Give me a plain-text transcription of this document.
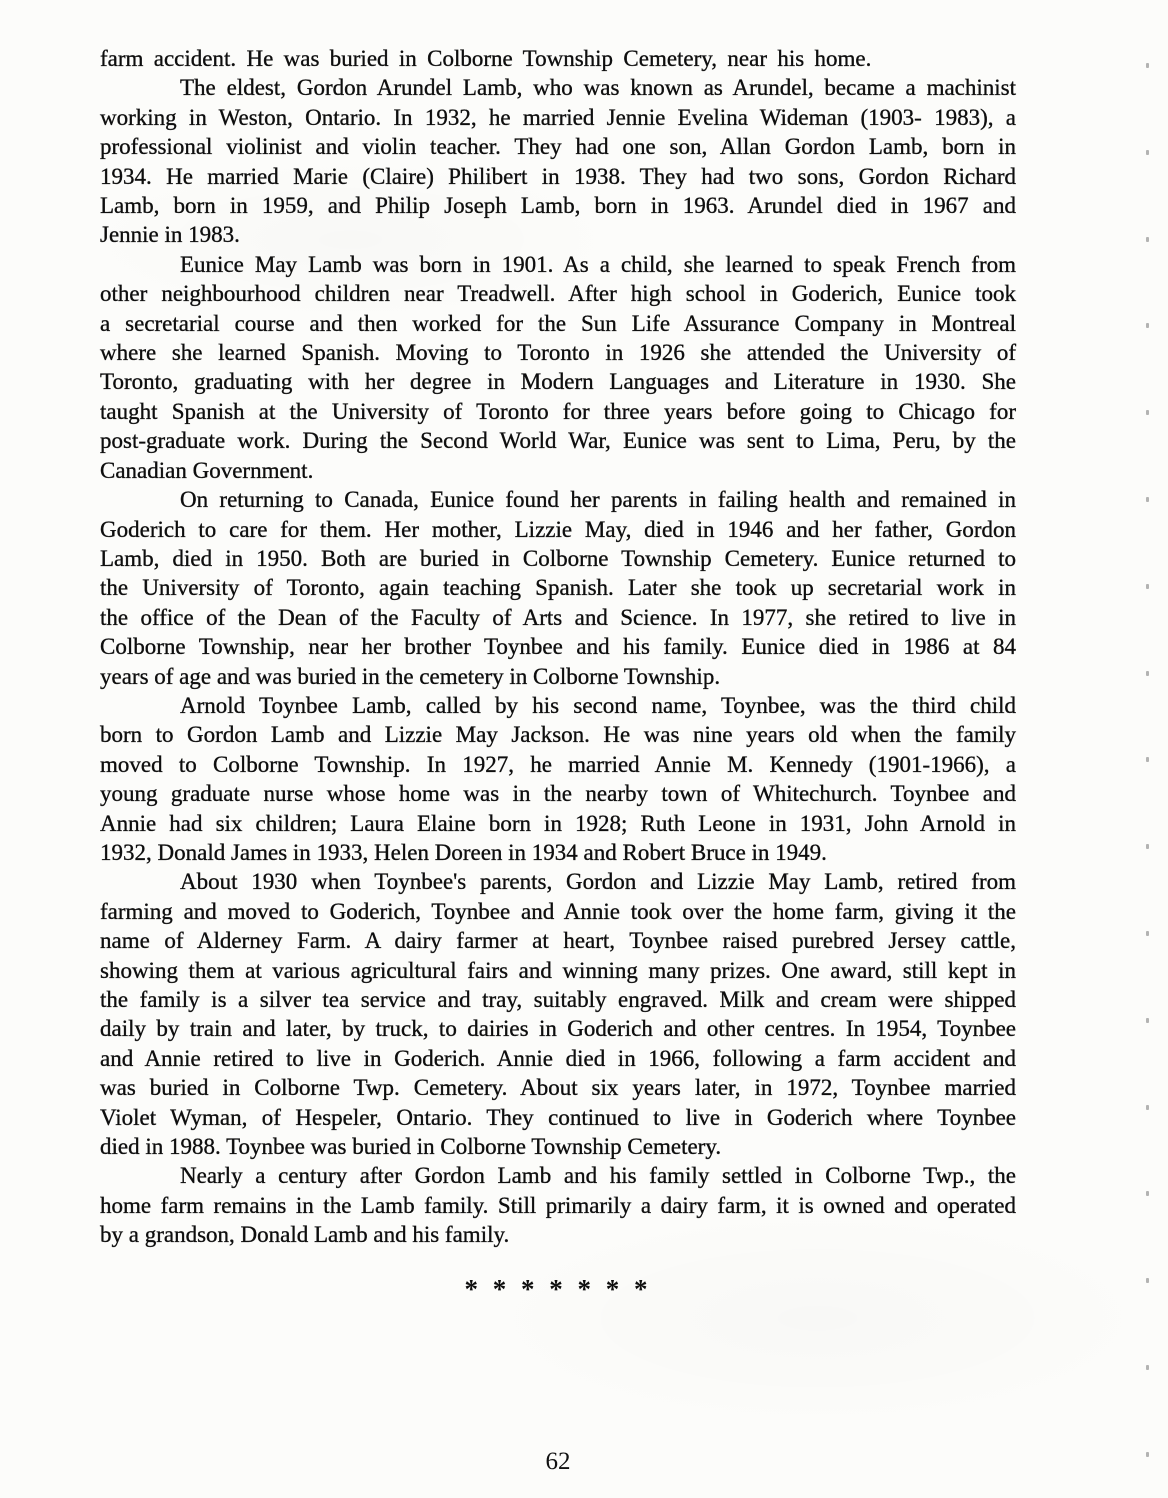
farm accident. He was buried in Colborne Township Cemetery, near his home.
The eldest, Gordon Arundel Lamb, who was known as Arundel, became a machinist
working in Weston, Ontario. In 1932, he married Jennie Evelina Wideman (1903- 1983), a
professional violinist and violin teacher. They had one son, Allan Gordon Lamb, born in
1934. He married Marie (Claire) Philibert in 1938. They had two sons, Gordon Richard
Lamb, born in 1959, and Philip Joseph Lamb, born in 1963. Arundel died in 1967 and
Jennie in 1983.
Eunice May Lamb was born in 1901. As a child, she learned to speak French from
other neighbourhood children near Treadwell. After high school in Goderich, Eunice took
a secretarial course and then worked for the Sun Life Assurance Company in Montreal
where she learned Spanish. Moving to Toronto in 1926 she attended the University of
Toronto, graduating with her degree in Modern Languages and Literature in 1930. She
taught Spanish at the University of Toronto for three years before going to Chicago for
post-graduate work. During the Second World War, Eunice was sent to Lima, Peru, by the
Canadian Government.
On returning to Canada, Eunice found her parents in failing health and remained in
Goderich to care for them. Her mother, Lizzie May, died in 1946 and her father, Gordon
Lamb, died in 1950. Both are buried in Colborne Township Cemetery. Eunice returned to
the University of Toronto, again teaching Spanish. Later she took up secretarial work in
the office of the Dean of the Faculty of Arts and Science. In 1977, she retired to live in
Colborne Township, near her brother Toynbee and his family. Eunice died in 1986 at 84
years of age and was buried in the cemetery in Colborne Township.
Arnold Toynbee Lamb, called by his second name, Toynbee, was the third child
born to Gordon Lamb and Lizzie May Jackson. He was nine years old when the family
moved to Colborne Township. In 1927, he married Annie M. Kennedy (1901-1966), a
young graduate nurse whose home was in the nearby town of Whitechurch. Toynbee and
Annie had six children; Laura Elaine born in 1928; Ruth Leone in 1931, John Arnold in
1932, Donald James in 1933, Helen Doreen in 1934 and Robert Bruce in 1949.
About 1930 when Toynbee's parents, Gordon and Lizzie May Lamb, retired from
farming and moved to Goderich, Toynbee and Annie took over the home farm, giving it the
name of Alderney Farm. A dairy farmer at heart, Toynbee raised purebred Jersey cattle,
showing them at various agricultural fairs and winning many prizes. One award, still kept in
the family is a silver tea service and tray, suitably engraved. Milk and cream were shipped
daily by train and later, by truck, to dairies in Goderich and other centres. In 1954, Toynbee
and Annie retired to live in Goderich. Annie died in 1966, following a farm accident and
was buried in Colborne Twp. Cemetery. About six years later, in 1972, Toynbee married
Violet Wyman, of Hespeler, Ontario. They continued to live in Goderich where Toynbee
died in 1988. Toynbee was buried in Colborne Township Cemetery.
Nearly a century after Gordon Lamb and his family settled in Colborne Twp., the
home farm remains in the Lamb family. Still primarily a dairy farm, it is owned and operated
by a grandson, Donald Lamb and his family.
* * * * * * *
62
